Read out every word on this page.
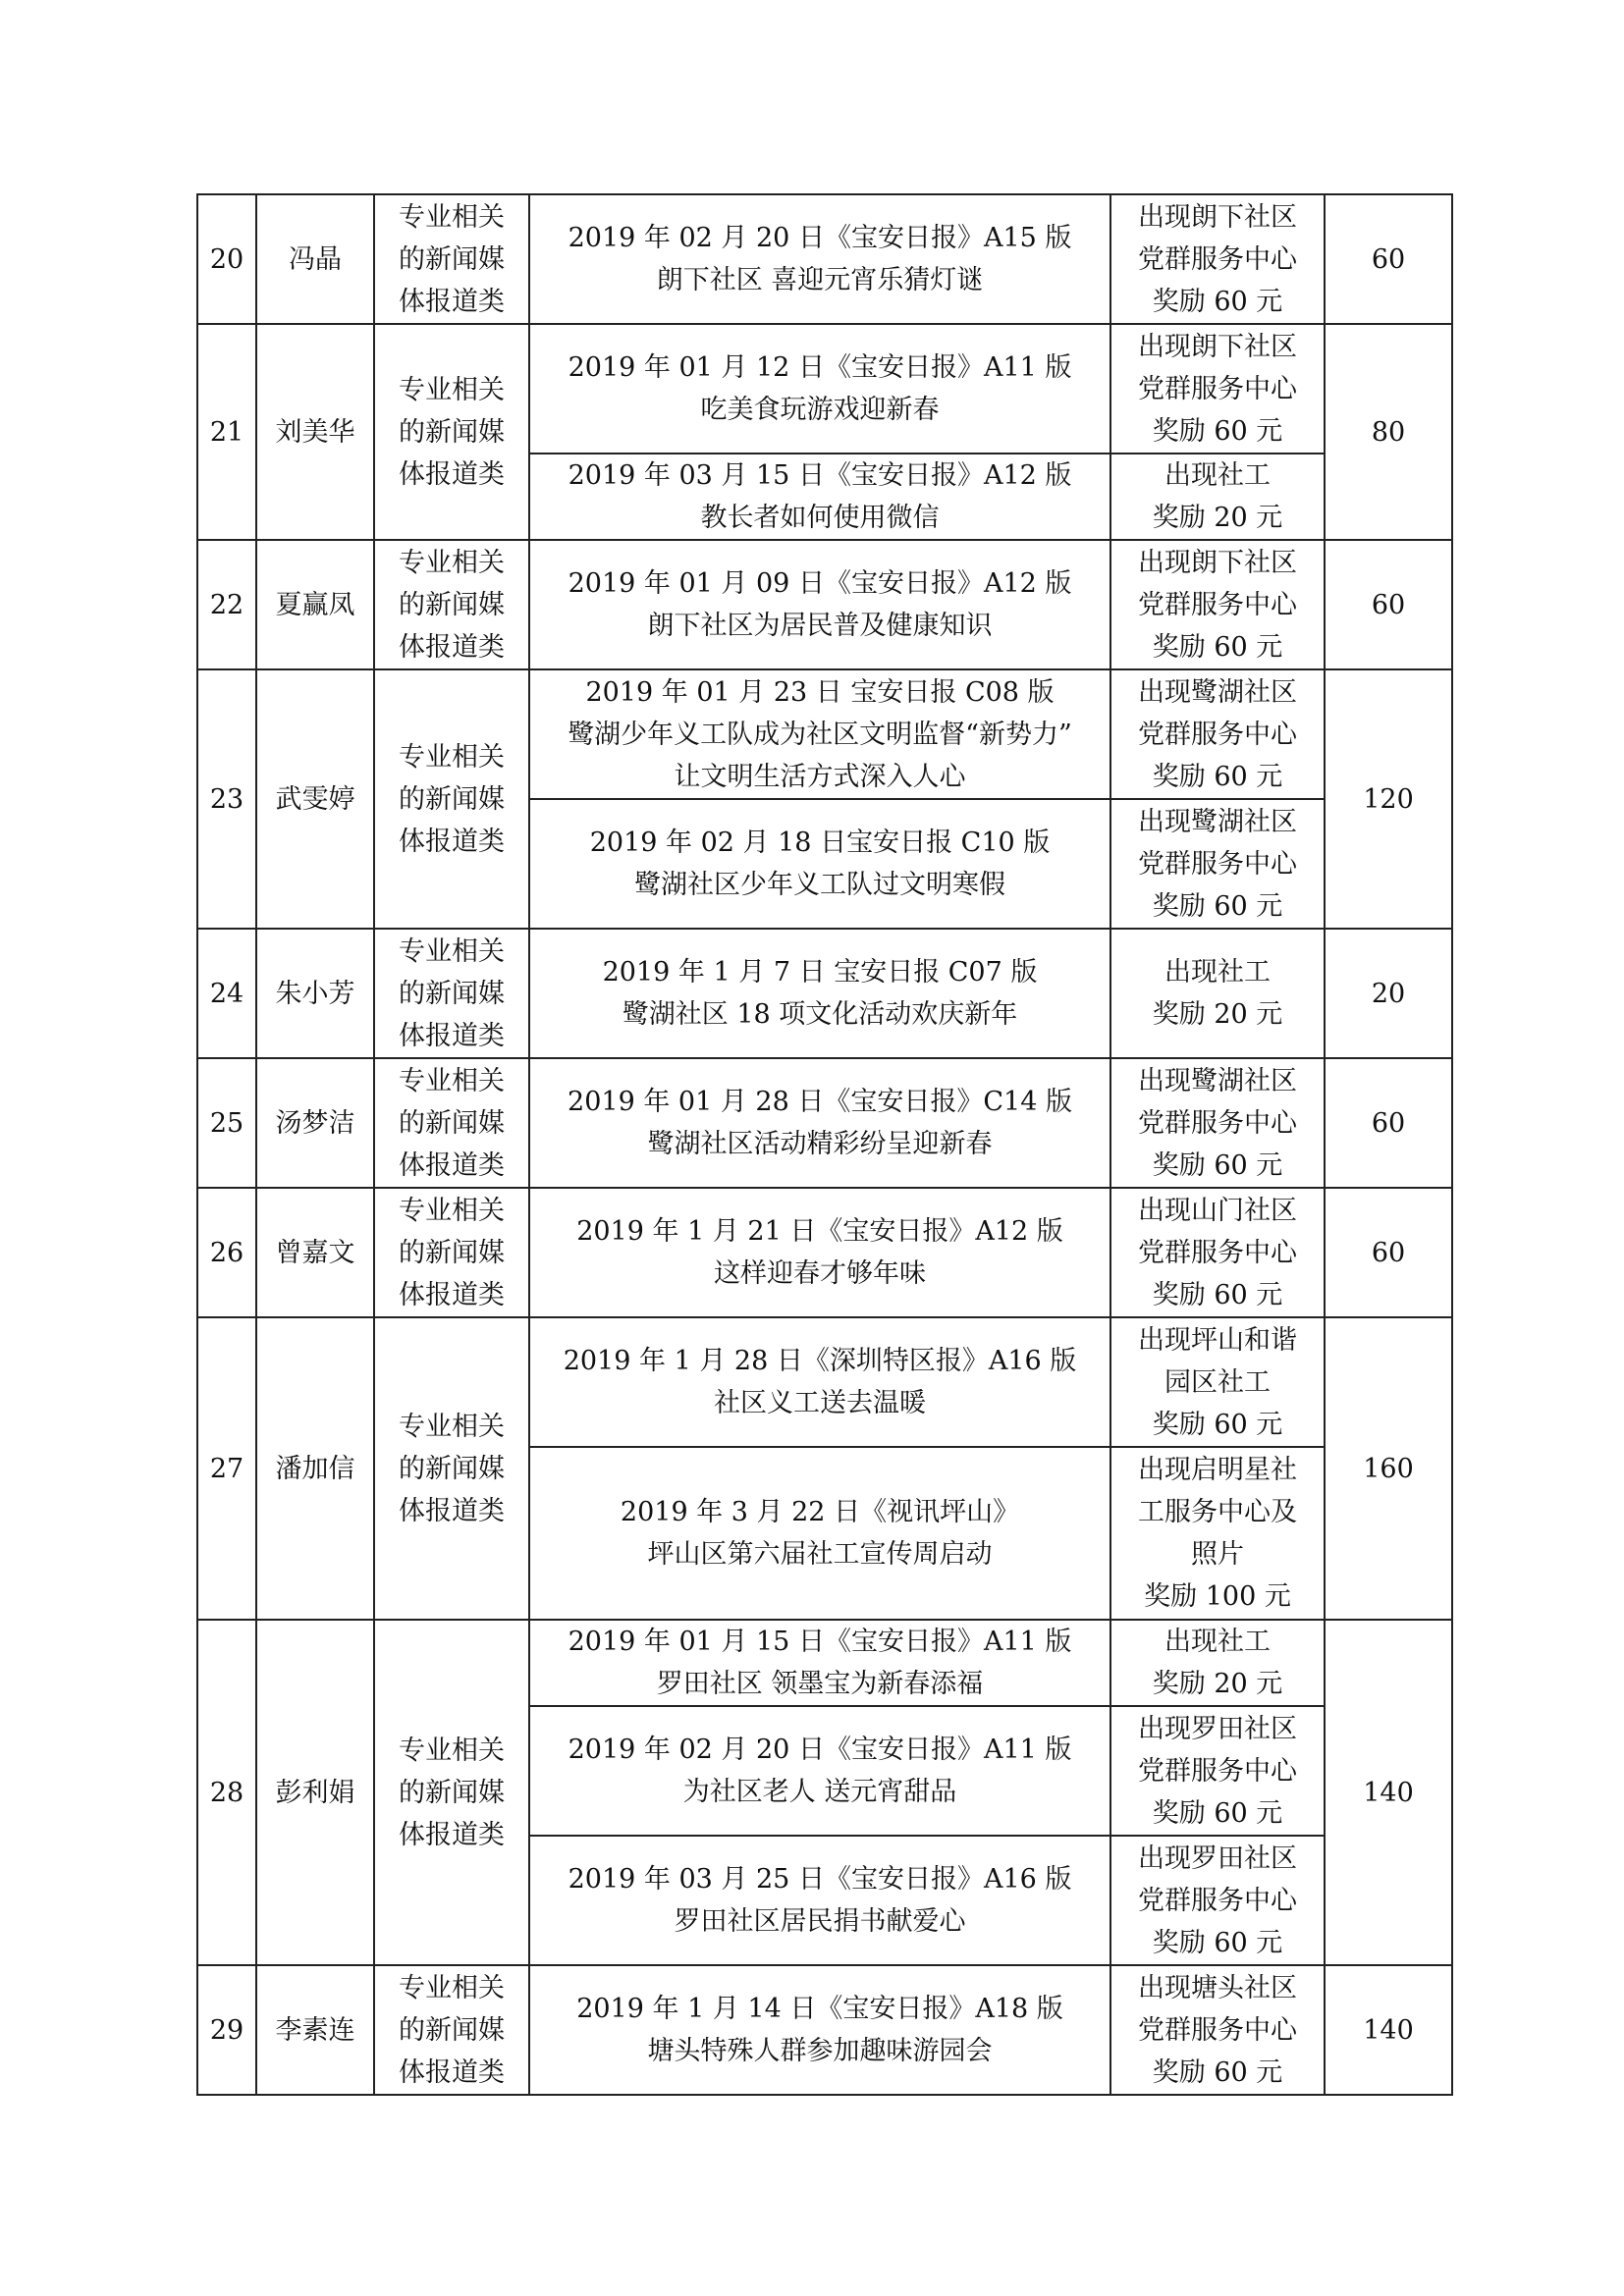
20	冯晶	专业相关
的新闻媒
体报道类	2019 年 02 月 20 日《宝安日报》A15 版
朗下社区 喜迎元宵乐猜灯谜	出现朗下社区
党群服务中心
奖励 60 元	60
21	刘美华	专业相关
的新闻媒
体报道类	2019 年 01 月 12 日《宝安日报》A11 版
吃美食玩游戏迎新春	出现朗下社区
党群服务中心
奖励 60 元	80

			2019 年 03 月 15 日《宝安日报》A12 版
教长者如何使用微信	出现社工
奖励 20 元	

22	夏赢凤	专业相关
的新闻媒
体报道类	2019 年 01 月 09 日《宝安日报》A12 版
朗下社区为居民普及健康知识	出现朗下社区
党群服务中心
奖励 60 元	60
23	武雯婷	专业相关
的新闻媒
体报道类	2019 年 01 月 23 日 宝安日报 C08 版
鹭湖少年义工队成为社区文明监督“新势力”
让文明生活方式深入人心	出现鹭湖社区
党群服务中心
奖励 60 元	120

			2019 年 02 月 18 日宝安日报 C10 版
鹭湖社区少年义工队过文明寒假	出现鹭湖社区
党群服务中心
奖励 60 元	

24	朱小芳	专业相关
的新闻媒
体报道类	2019 年 1 月 7 日 宝安日报 C07 版
鹭湖社区 18 项文化活动欢庆新年	出现社工
奖励 20 元	20
25	汤梦洁	专业相关
的新闻媒
体报道类	2019 年 01 月 28 日《宝安日报》C14 版
鹭湖社区活动精彩纷呈迎新春	出现鹭湖社区
党群服务中心
奖励 60 元	60
26	曾嘉文	专业相关
的新闻媒
体报道类	2019 年 1 月 21 日《宝安日报》A12 版
这样迎春才够年味	出现山门社区
党群服务中心
奖励 60 元	60
27	潘加信	专业相关
的新闻媒
体报道类	2019 年 1 月 28 日《深圳特区报》A16 版
社区义工送去温暖	出现坪山和谐
园区社工
奖励 60 元	160

			2019 年 3 月 22 日《视讯坪山》
坪山区第六届社工宣传周启动	出现启明星社
工服务中心及
照片
奖励 100 元	

28	彭利娟	专业相关
的新闻媒
体报道类	2019 年 01 月 15 日《宝安日报》A11 版
罗田社区 领墨宝为新春添福	出现社工
奖励 20 元	140

			2019 年 02 月 20 日《宝安日报》A11 版
为社区老人 送元宵甜品	出现罗田社区
党群服务中心
奖励 60 元	

			2019 年 03 月 25 日《宝安日报》A16 版
罗田社区居民捐书献爱心	出现罗田社区
党群服务中心
奖励 60 元	

29	李素连	专业相关
的新闻媒
体报道类	2019 年 1 月 14 日《宝安日报》A18 版
塘头特殊人群参加趣味游园会	出现塘头社区
党群服务中心
奖励 60 元	140
